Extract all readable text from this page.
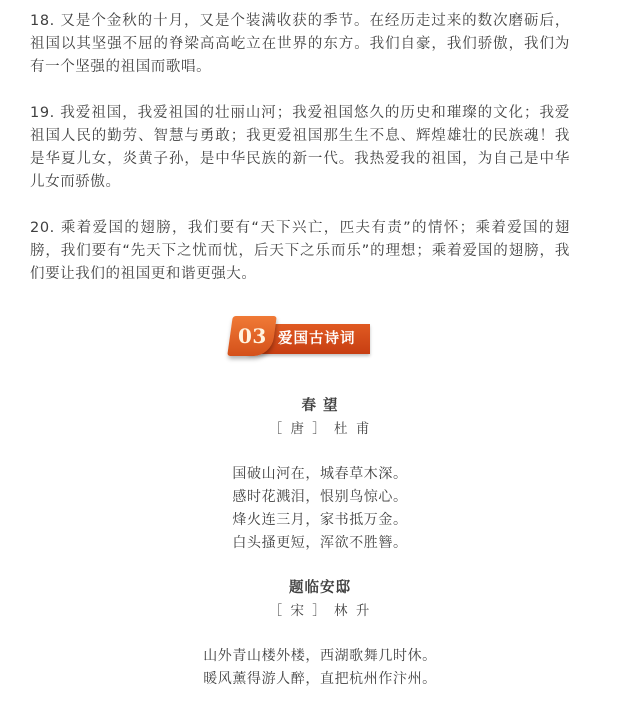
18. 又是个金秋的十月，又是个装满收获的季节。在经历走过来的数次磨砺后，祖国以其坚强不屈的脊梁高高屹立在世界的东方。我们自豪，我们骄傲，我们为有一个坚强的祖国而歌唱。

19. 我爱祖国，我爱祖国的壮丽山河；我爱祖国悠久的历史和璀璨的文化；我爱祖国人民的勤劳、智慧与勇敢；我更爱祖国那生生不息、辉煌雄壮的民族魂！我是华夏儿女，炎黄子孙，是中华民族的新一代。我热爱我的祖国，为自己是中华儿女而骄傲。

20. 乘着爱国的翅膀，我们要有“天下兴亡，匹夫有责”的情怀；乘着爱国的翅膀，我们要有“先天下之忧而忧，后天下之乐而乐”的理想；乘着爱国的翅膀，我们要让我们的祖国更和谐更强大。

03 爱国古诗词
春 望
［ 唐 ］ 杜 甫
国破山河在，城春草木深。
感时花溅泪，恨别鸟惊心。
烽火连三月，家书抵万金。
白头搔更短，浑欲不胜簪。
题临安邸
［ 宋 ］ 林 升
山外青山楼外楼，西湖歌舞几时休。
暖风薰得游人醉，直把杭州作汴州。
